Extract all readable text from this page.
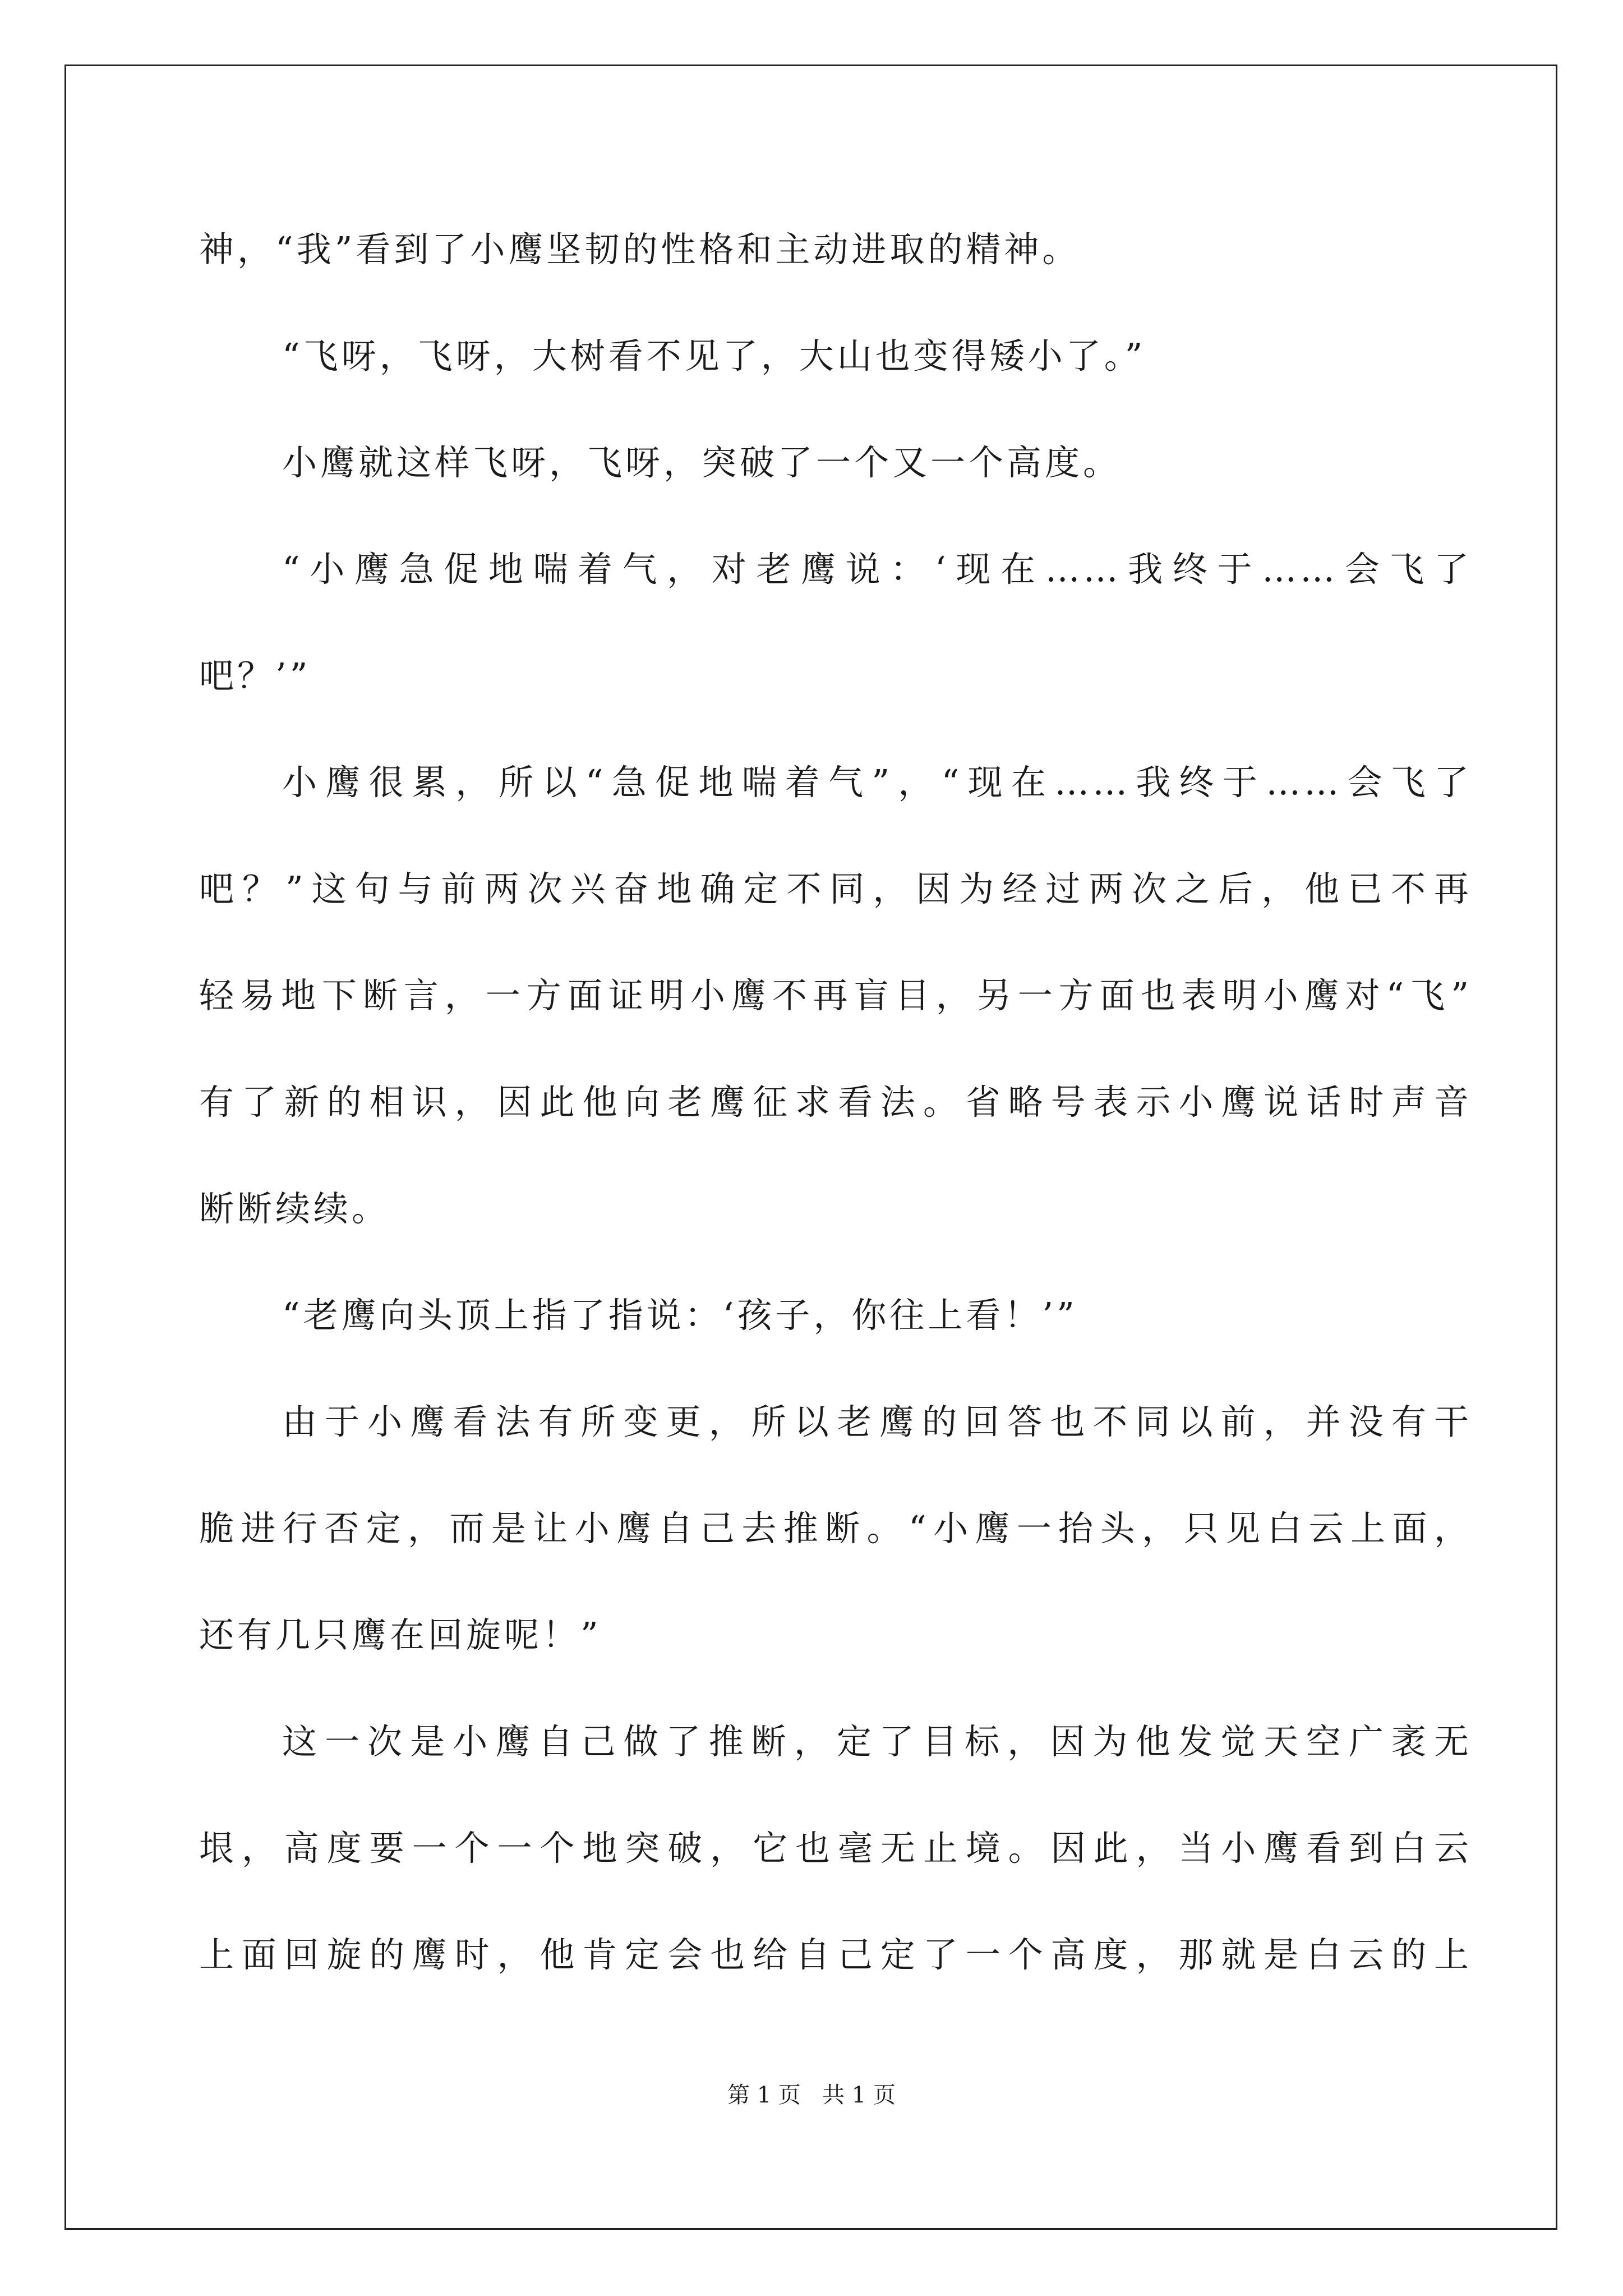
神，“我”看到了小鹰坚韧的性格和主动进取的精神。
“飞呀，飞呀，大树看不见了，大山也变得矮小了。”
小鹰就这样飞呀，飞呀，突破了一个又一个高度。
“小鹰急促地喘着气，对老鹰说：‘现在……我终于……会飞了
吧？’”
小鹰很累，所以“急促地喘着气”，“现在……我终于……会飞了
吧？”这句与前两次兴奋地确定不同，因为经过两次之后，他已不再
轻易地下断言，一方面证明小鹰不再盲目，另一方面也表明小鹰对“飞”
有了新的相识，因此他向老鹰征求看法。省略号表示小鹰说话时声音
断断续续。
“老鹰向头顶上指了指说：‘孩子，你往上看！’”
由于小鹰看法有所变更，所以老鹰的回答也不同以前，并没有干
脆进行否定，而是让小鹰自己去推断。“小鹰一抬头，只见白云上面，
还有几只鹰在回旋呢！”
这一次是小鹰自己做了推断，定了目标，因为他发觉天空广袤无
垠，高度要一个一个地突破，它也毫无止境。因此，当小鹰看到白云
上面回旋的鹰时，他肯定会也给自己定了一个高度，那就是白云的上
第 1 页   共 1 页
